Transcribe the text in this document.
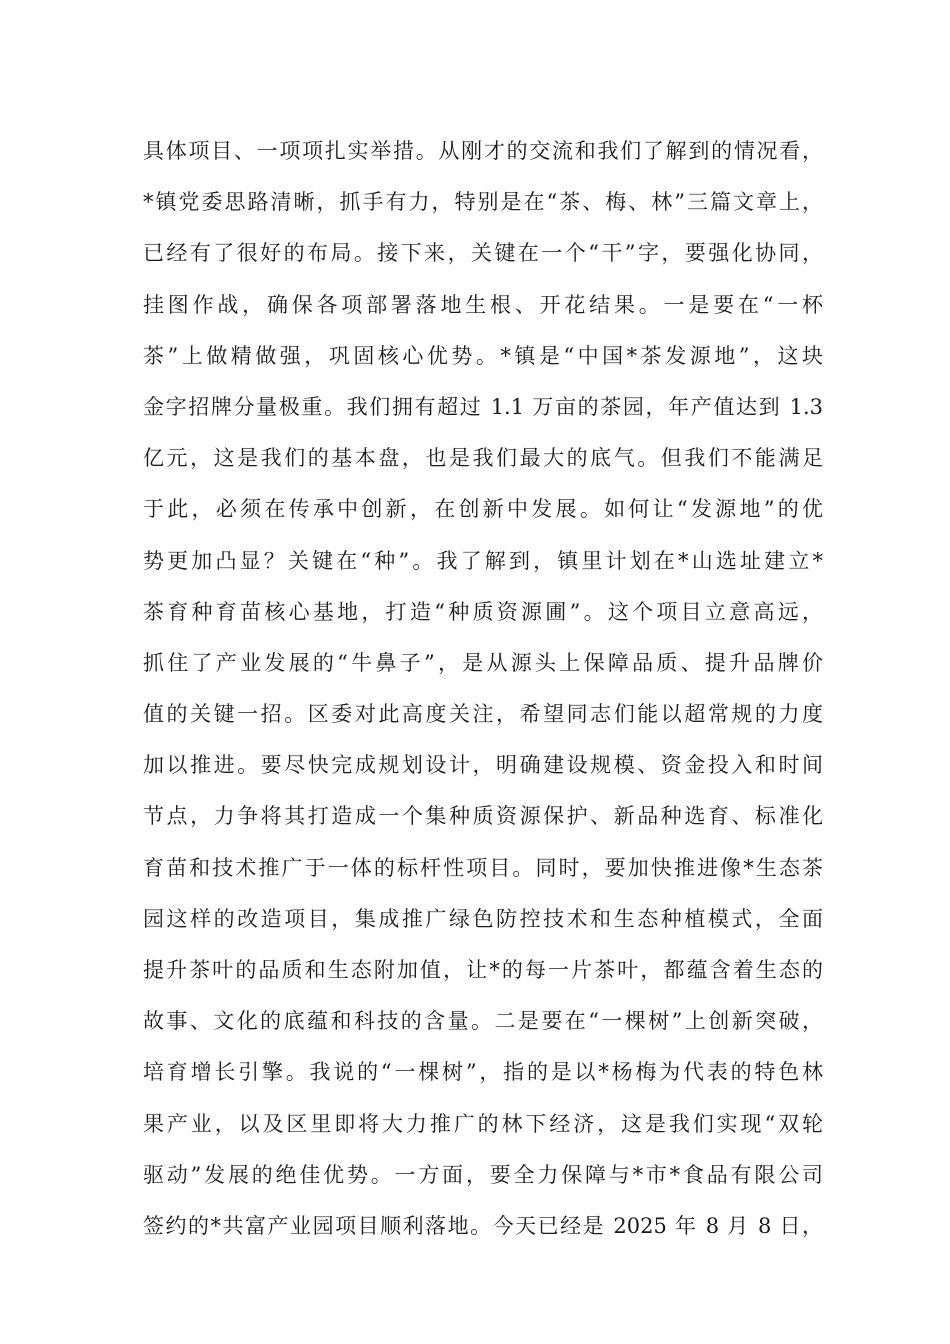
具体项目、一项项扎实举措。从刚才的交流和我们了解到的情况看，
*镇党委思路清晰，抓手有力，特别是在“茶、梅、林”三篇文章上，
已经有了很好的布局。接下来，关键在一个“干”字，要强化协同，
挂图作战，确保各项部署落地生根、开花结果。一是要在“一杯
茶”上做精做强，巩固核心优势。*镇是“中国*茶发源地”，这块
金字招牌分量极重。我们拥有超过 1.1 万亩的茶园，年产值达到 1.3
亿元，这是我们的基本盘，也是我们最大的底气。但我们不能满足
于此，必须在传承中创新，在创新中发展。如何让“发源地”的优
势更加凸显？关键在“种”。我了解到，镇里计划在*山选址建立*
茶育种育苗核心基地，打造“种质资源圃”。这个项目立意高远，
抓住了产业发展的“牛鼻子”，是从源头上保障品质、提升品牌价
值的关键一招。区委对此高度关注，希望同志们能以超常规的力度
加以推进。要尽快完成规划设计，明确建设规模、资金投入和时间
节点，力争将其打造成一个集种质资源保护、新品种选育、标准化
育苗和技术推广于一体的标杆性项目。同时，要加快推进像*生态茶
园这样的改造项目，集成推广绿色防控技术和生态种植模式，全面
提升茶叶的品质和生态附加值，让*的每一片茶叶，都蕴含着生态的
故事、文化的底蕴和科技的含量。二是要在“一棵树”上创新突破，
培育增长引擎。我说的“一棵树”，指的是以*杨梅为代表的特色林
果产业，以及区里即将大力推广的林下经济，这是我们实现“双轮
驱动”发展的绝佳优势。一方面，要全力保障与*市*食品有限公司
签约的*共富产业园项目顺利落地。今天已经是 2025 年 8 月 8 日，
